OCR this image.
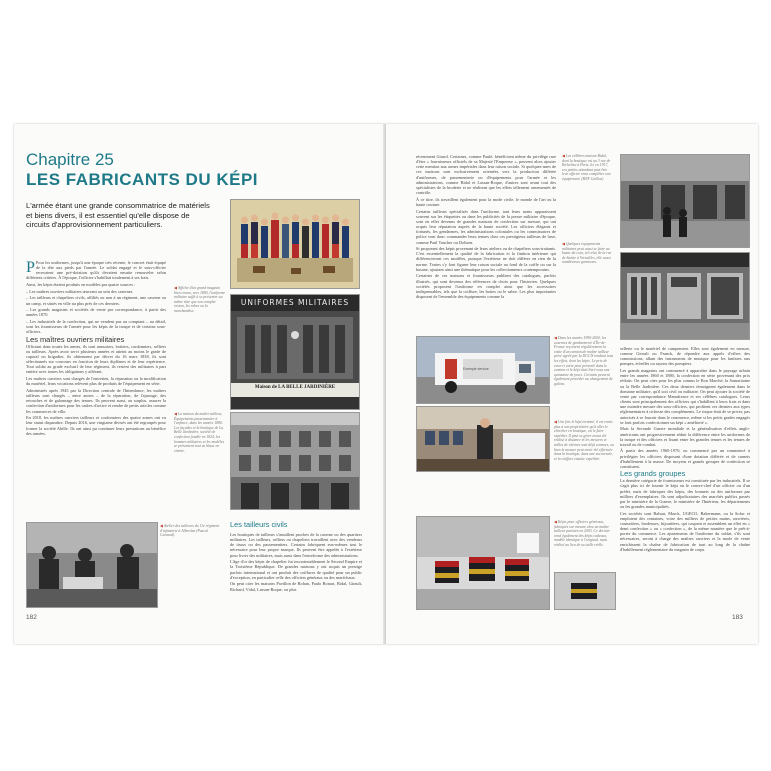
Chapitre 25
LES FABRICANTS DU KÉPI
L'armée étant une grande consommatrice de matériels et biens divers, il est essentiel qu'elle dispose de circuits d'approvisionnement particuliers.
◀ Affiche d'un grand magasin bien connu, vers 1890, l'uniforme militaire suffit à se présenter au même titre que son complet veston, les robes ou la marchandise.
UNIFORMES MILITAIRES
Maison de LA BELLE JARDINIÈRE
◀ La maison du maître tailleur, Équipements passementier à l'enfance, dans les années 1880. Les façades et la boutique de La Belle Jardinière, société de confection fondée en 1824, les hommes militaires et les modèles se présentent tout en blanc en vitrine.

P Pour les uniformes, jusqu'à une époque très récente, le concret était équipé de la tête aux pieds par l'armée. Le soldat engagé et le sous-officier recevaient une pré-dotation qu'ils devaient ensuite renouveler selon différents critères. À l'époque, l'officier s'habillait totalement à ses frais.

Ainsi, les képis étaient produits en modèles par quatre sources :

– Les maîtres ouvriers militaires œuvrant au sein des casernes.

– Les tailleurs et chapeliers civils, affiliés ou non à un régiment, une caserne ou un camp, et situés en ville au plus près de ces derniers.

– Les grands magasins et sociétés de vente par correspondance, à partir des années 1870.

– Les industriels de la confection, qui ne vendent pas au comptant – au détail, sont les fournisseurs de l'armée pour les képis de la troupe et de certains sous-officiers.

Les maîtres ouvriers militaires

Officiant dans toutes les armes, ils sont armuriers, bottiers, cordonniers, selliers ou tailleurs. Après avoir servi plusieurs années et atteint au moins le grade de caporal ou brigadier, ils obtiennent par décret du 16 mars 1838, ils sont sélectionnés sur concours en fonction de leurs diplômes et de leur expérience. Tout soldat au grade exclusif de leur régiment, ils restent des militaires à part entière avec toutes les obligations y afférant.

Les maîtres ouvriers sont chargés de l'entretien, la réparation ou la modification du matériel, leurs vocations relèvent plus de produits de l'équipement en série.

Administrés après 1945 par la Direction centrale de l'Intendance, les maîtres tailleurs sont chargés – entre autres – de la réparation, de l'ajustage, des retouches et de galonnage des tenues. Ils peuvent aussi, au surplus, assurer la confection d'uniformes pour les cadres d'active et rendre de petits articles comme les commerces de ville.

En 2018, les maîtres ouvriers tailleurs et cordonniers des quatre armes ont vu leur statut disparaître. Depuis 2016, une vingtaine divisés ont été regroupés pour former la société Abille. Ils ont ainsi pu continuer leurs prestations au bénéfice des armées.

◀ Atelier des tailleurs du 11e régiment d'infanterie à Albertine (Pascal Guiraud).
Les tailleurs civils

Les boutiques de tailleurs s'installent proches de la caserne ou des quartiers militaires. Les tailleurs, selliers ou chapeliers travaillent avec des vendeurs de tissus ou des passementiers. Certains fabriquent eux-mêmes tout le nécessaire pour leur propre marque. Ils peuvent être appelés à l'extérieur pour livrer des militaires, mais aussi dans l'entreforme des administrations.

L'âge d'or des képis de chapelier fut incontestablement le Second Empire et la Troisième République. De grandes maisons y ont acquis un prestige parfois international et ont produit des coiffures de qualité pour un public d'exception, en particulier celle des officiers généraux ou des maréchaux.

On peut citer les maisons Pavillon de Rohan, Paulo Bonart, Bidal, Girault, Richard, Vidal, Lassan-Roque, ou plus

182

récemment Girard. Certaines, comme Paulé, bénéficient même du privilège rare d'être « fournisseurs officiels de sa Majesté l'Empereur », peuvent alors ajouter cette mention aux armes impériales dans leur raison sociale. Si quelques-unes de ces maisons sont exclusivement orientées vers la production différée d'uniformes, de passementerie ou d'équipements pour l'armée et les administrations, comme Bidal et Lassan-Roque, d'autres sont avant tout des spécialistes de la broderie et ne réalisent que les effets tellement ornementés de contrôle.

À ce titre, ils travaillent également pour la mode civile, le monde de l'art ou la haute couture.

Certains tailleurs spécialisés dans l'uniforme, tant leurs noms apparaissent souvent sur les étiquettes ou dans les publicités de la presse militaire d'époque, sont en effet devenus de grandes maisons de confection sur mesure, qui ont acquis leur réputation auprès de la haute société. Les officiers élégants et fortunés, les gendarmes, les administrations coloniales ou les commissaires de police vont donc commander leurs tenues chez ces prestigieux tailleurs de luxe, comme Paul Vaucher ou Dolisen.

Si proposent des képis provenant de leurs ateliers ou de chapeliers sous-traitants. C'est essentiellement la qualité de la fabrication et la finition intérieure qui différencieront ces modèles, puisque l'extérieur ne doit différer en rien de la norme. Toutes s'y font figurer leur raison sociale au fond de la coiffe ou sur la basane, ajoutant ainsi une thématique pour les collectionneurs contemporains.

Certaines de ces maisons et fournisseurs publient des catalogues, parfois illustrés, qui sont devenus des références de choix pour l'historien. Quelques sociétés proposent l'uniforme en complet ainsi que les accessoires indispensables, tels que la coiffure, les bottes ou le sabre. Les plus importantes disposent de l'ensemble des équipements comme la

◀ Les célèbres maison Bidal, dont la boutique est au 3 rue de Richelieu à Paris. Ici en 1917, ces petites attendant peut être leur officier venu compléter son équipement. (BNF Gallica)
◀ Quelques équipements militaires peut aussi se faire au bazar du coin, tel celui de la rue de Sainte à Versailles, elle aussi nombreuses garnisons.
Exemple service
◀ Dans les années 1990-2000, les casernes de gendarmerie d'Île-de-France reçoivent régulièrement la visite d'un camion de maître tailleur privé agréé par la DGGN rendant tous les effets, dont les képis. Le prix de ceux-ci varie peut présenté dans le camion et le képi était livré sous une quinzaine de jours. Certains peuvent également procéder au changement de galons.
◀ Une fois le képi terminé, il est remis plus à son propriétaire qu'à aller le chercher en boutique, où le faire expédier. Il peut se gérer avant été réalisé à distance et les mesures et tailles de vitrines sont déjà connues, ou bien la mesure peut avoir été effectuée dans la boutique, dans une succursale, et la coiffure ensuite expédiée.
◀ Képis pour officiers généraux, fabriqués sur mesure chez un maître tailleur parisien en 2003. Ce dernier vend également des képis cadeaux, modèle identique à l'original, mais réalisé au lieu de sa taille réelle.

sellerie ou le matériel de campement. Elles sont également en mesure, comme Giroult ou Franck, de répondre aux appels d'offres des commissions, allant des instruments de musique pour les fanfares aux pompes, échelles ou rayons des pompiers.

Les grands magasins ont commencé à apparaître dans le paysage urbain entre les années 1860 et 1880, la confection en série provenant des prix réduits. On peut citer pour les plus connus le Bon Marché, la Samaritaine ou la Belle Jardinière. Ces deux derniers témoignent également dans le domaine militaire, qu'il soit civil ou militaire. On peut ajouter la société de vente par correspondance Manufrance et ses célèbres catalogues. Leurs clients sont principalement des officiers qui s'habillent à leurs frais et dans une moindre mesure des sous-officiers, qui profitent ces derniers aux types réglementaires à richesse des compléments. Le risque était de se priver, pas autorisés à se fournir dans le commerce, même si les petits grades engagés se font parfois confectionner un képi « améliorié ».

Mais la Seconde Guerre mondiale et la généralisation d'effets anglo-américains ont progressivement réduit la différence entre les uniformes de la troupe et des officiers et fixant entre les grandes tenues et les tenues de travail ou de combat.

À partir des années 1960-1970, ou commencé par un commencé à privilégier les officiers disposant d'une dotation différée et de carnets d'habillement à la masse. De moyens et grands groupes de confection se constituent.

Les grands groupes

La dernière catégorie de fournisseurs est constituée par les industriels. Il se s'agit plus ici de fournir le képi ou le couvre-chef d'un officier ou d'un préfet, mais de fabriquer des képis, des bonnets ou des uniformes par milliers d'exemplaires. Ils sont adjudicataires des marchés publics passés par le ministère de la Guerre, le ministère de l'Intérieur, les départements ou les grandes municipalités.

Ces sociétés sont Balsan, Marck, UGECO, Bakermann, ou la Sofac et emploient des centaines, voire des milliers de petites mains, ouvrières, couturières, brodeuses, bijoutières, qui coupent et assemblent un effet en « demi confection » ou « confection », de la même manière que le prêt-à-porter du commerce. Les ajustements de l'uniforme du soldat, s'ils sont nécessaires, seront à charge des maîtres ouvriers et la mode de vente enrichissent la chaîne de fabrication de tout au long de la chaîne d'habillement réglementaire du magasin de corps.

183
